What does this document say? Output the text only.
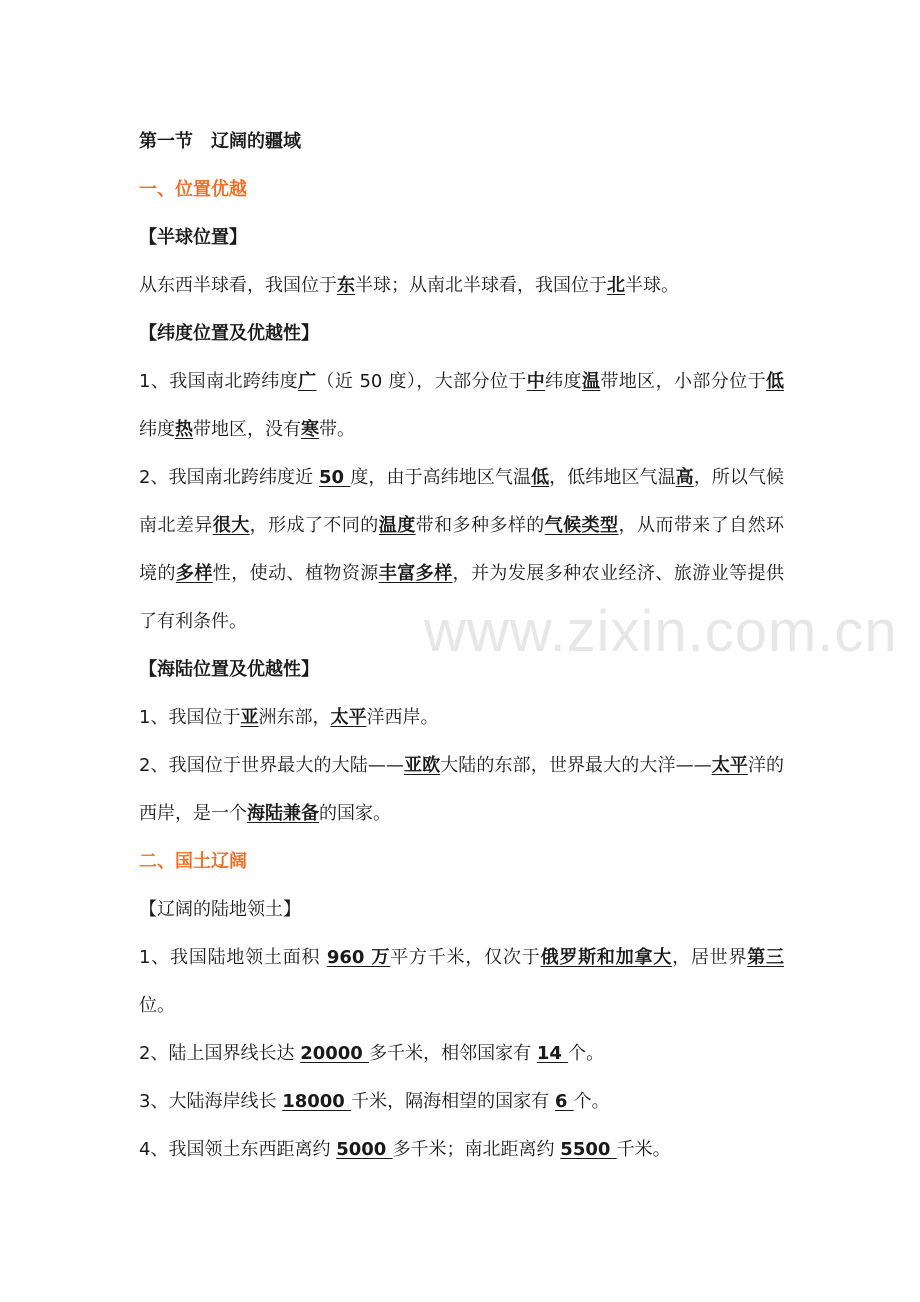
第一节　辽阔的疆域

一、位置优越

【半球位置】

从东西半球看，我国位于东半球；从南北半球看，我国位于北半球。

【纬度位置及优越性】

1、我国南北跨纬度广（近 50 度），大部分位于中纬度温带地区，小部分位于低纬度热带地区，没有寒带。

2、我国南北跨纬度近 50 度，由于高纬地区气温低，低纬地区气温高，所以气候南北差异很大，形成了不同的温度带和多种多样的气候类型，从而带来了自然环境的多样性，使动、植物资源丰富多样，并为发展多种农业经济、旅游业等提供了有利条件。

【海陆位置及优越性】

1、我国位于亚洲东部，太平洋西岸。

2、我国位于世界最大的大陆——亚欧大陆的东部，世界最大的大洋——太平洋的西岸，是一个海陆兼备的国家。

二、国土辽阔

【辽阔的陆地领土】

1、我国陆地领土面积 960 万平方千米，仅次于俄罗斯和加拿大，居世界第三位。

2、陆上国界线长达 20000 多千米，相邻国家有 14 个。

3、大陆海岸线长 18000 千米，隔海相望的国家有 6 个。

4、我国领土东西距离约 5000 多千米；南北距离约 5500 千米。

www.zixin.com.cn
